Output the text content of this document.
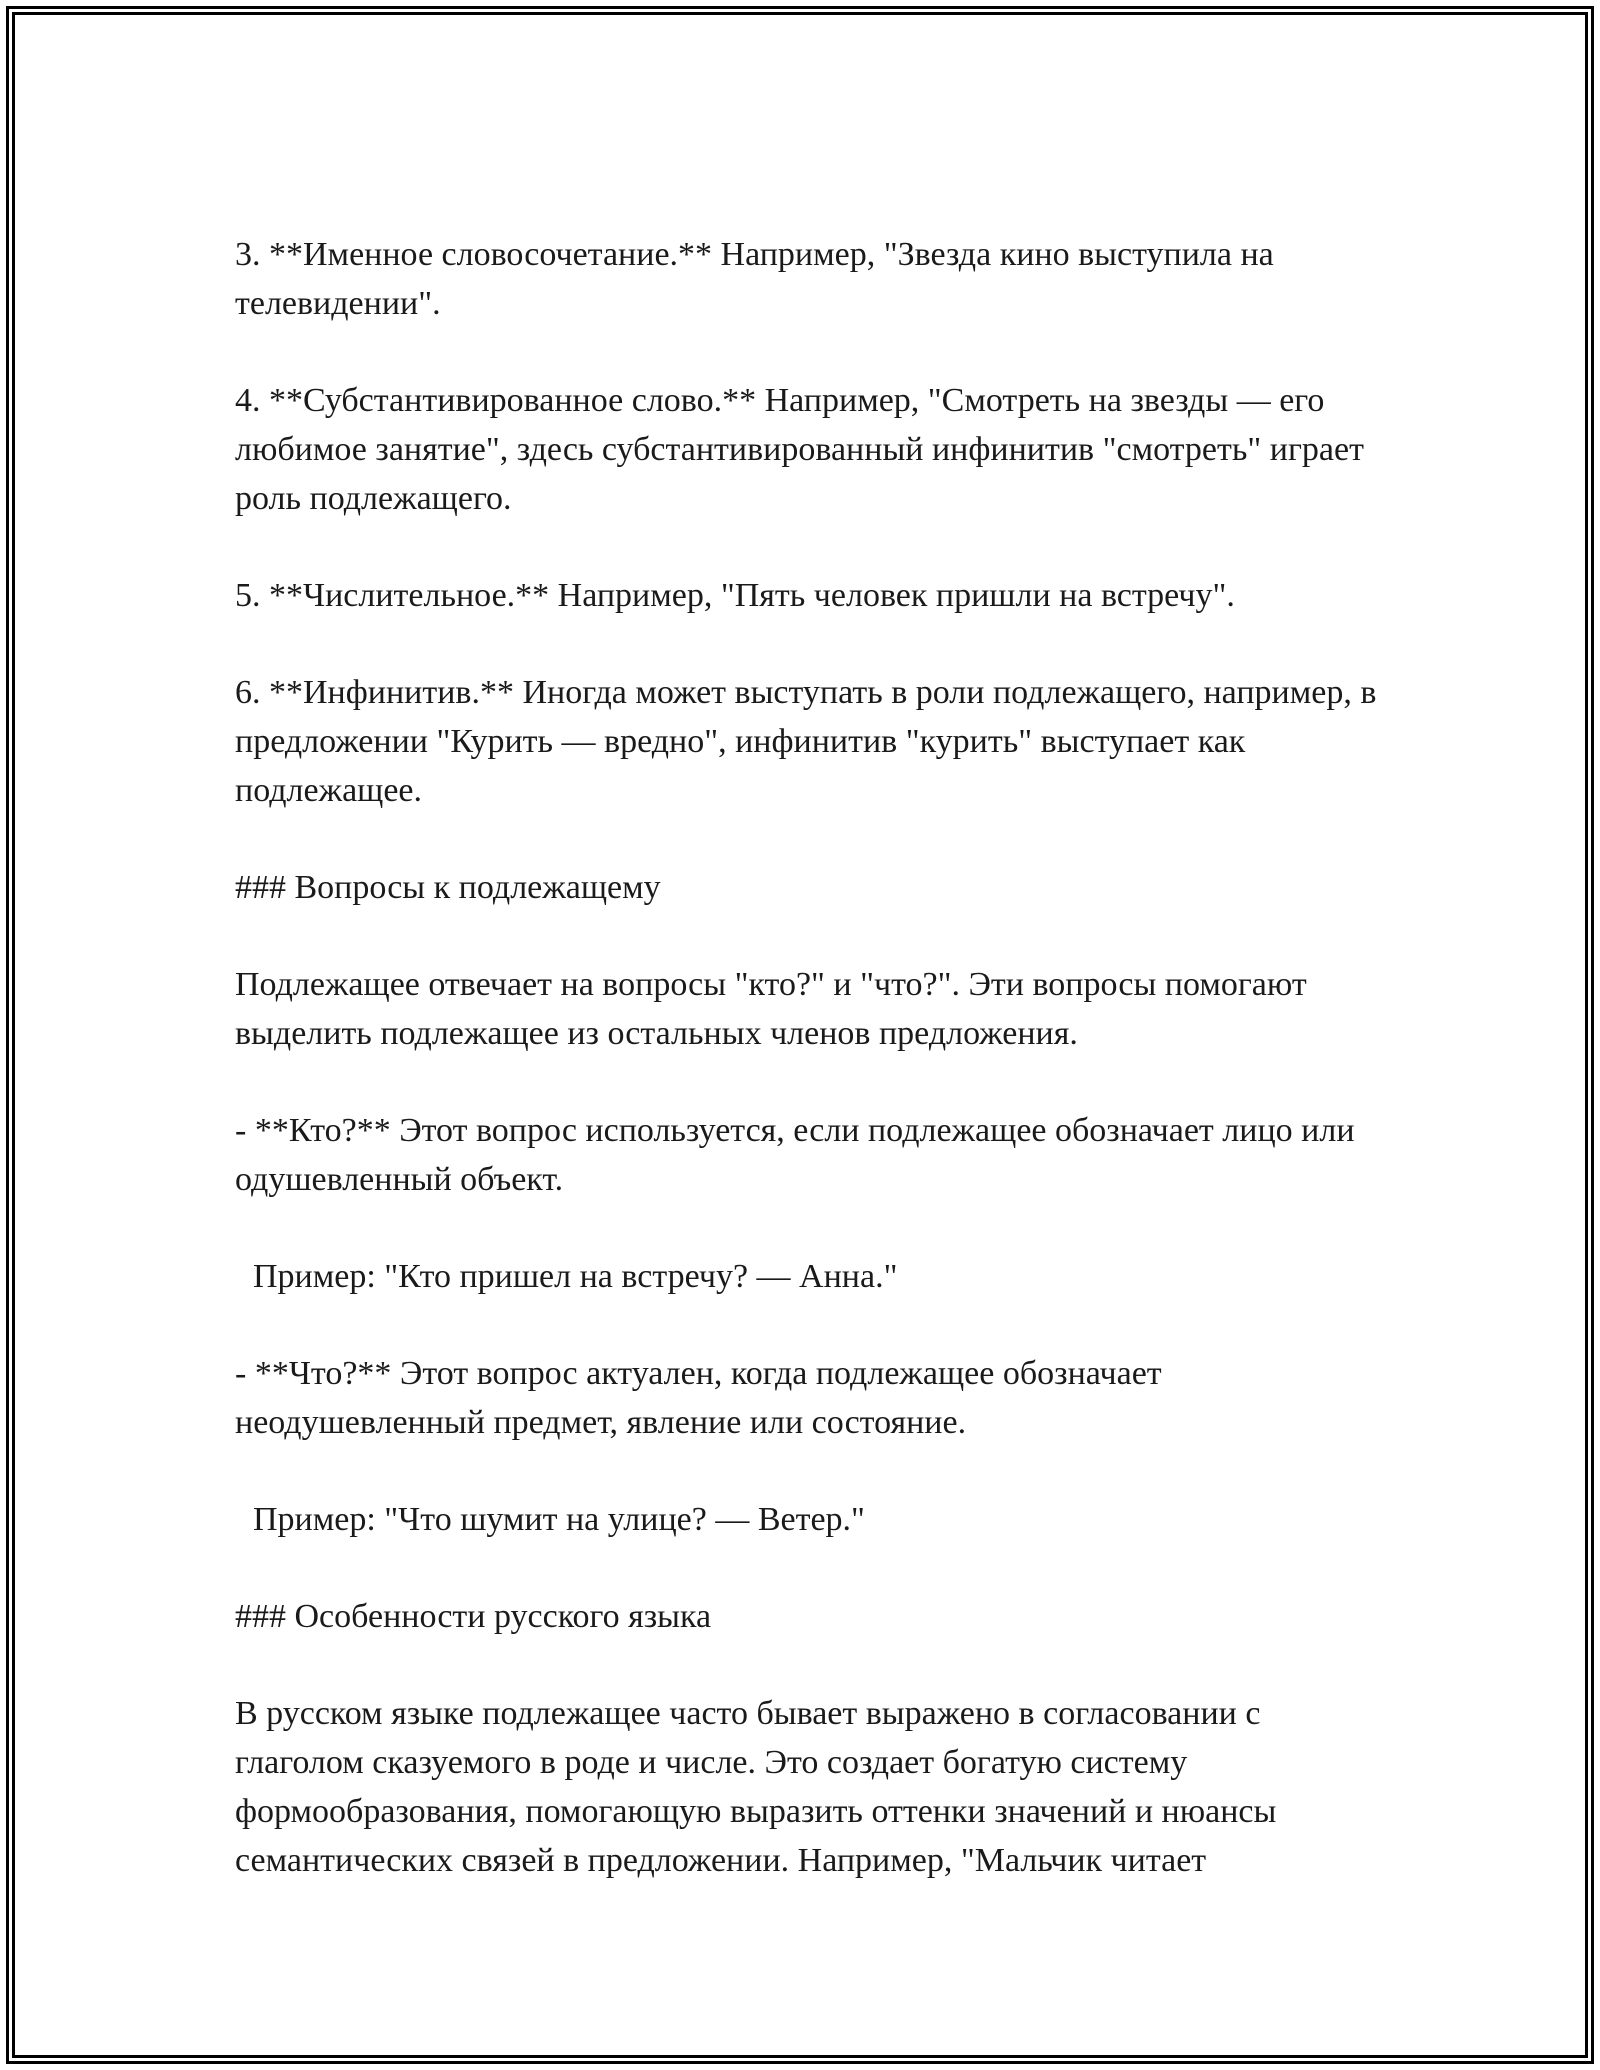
3. **Именное словосочетание.** Например, "Звезда кино выступила на телевидении".

4. **Субстантивированное слово.** Например, "Смотреть на звезды — его любимое занятие", здесь субстантивированный инфинитив "смотреть" играет роль подлежащего.

5. **Числительное.** Например, "Пять человек пришли на встречу".

6. **Инфинитив.** Иногда может выступать в роли подлежащего, например, в предложении "Курить — вредно", инфинитив "курить" выступает как подлежащее.

### Вопросы к подлежащему

Подлежащее отвечает на вопросы "кто?" и "что?". Эти вопросы помогают выделить подлежащее из остальных членов предложения.

- **Кто?** Этот вопрос используется, если подлежащее обозначает лицо или одушевленный объект.

Пример: "Кто пришел на встречу? — Анна."

- **Что?** Этот вопрос актуален, когда подлежащее обозначает неодушевленный предмет, явление или состояние.

Пример: "Что шумит на улице? — Ветер."

### Особенности русского языка

В русском языке подлежащее часто бывает выражено в согласовании с глаголом сказуемого в роде и числе. Это создает богатую систему формообразования, помогающую выразить оттенки значений и нюансы семантических связей в предложении. Например, "Мальчик читает
